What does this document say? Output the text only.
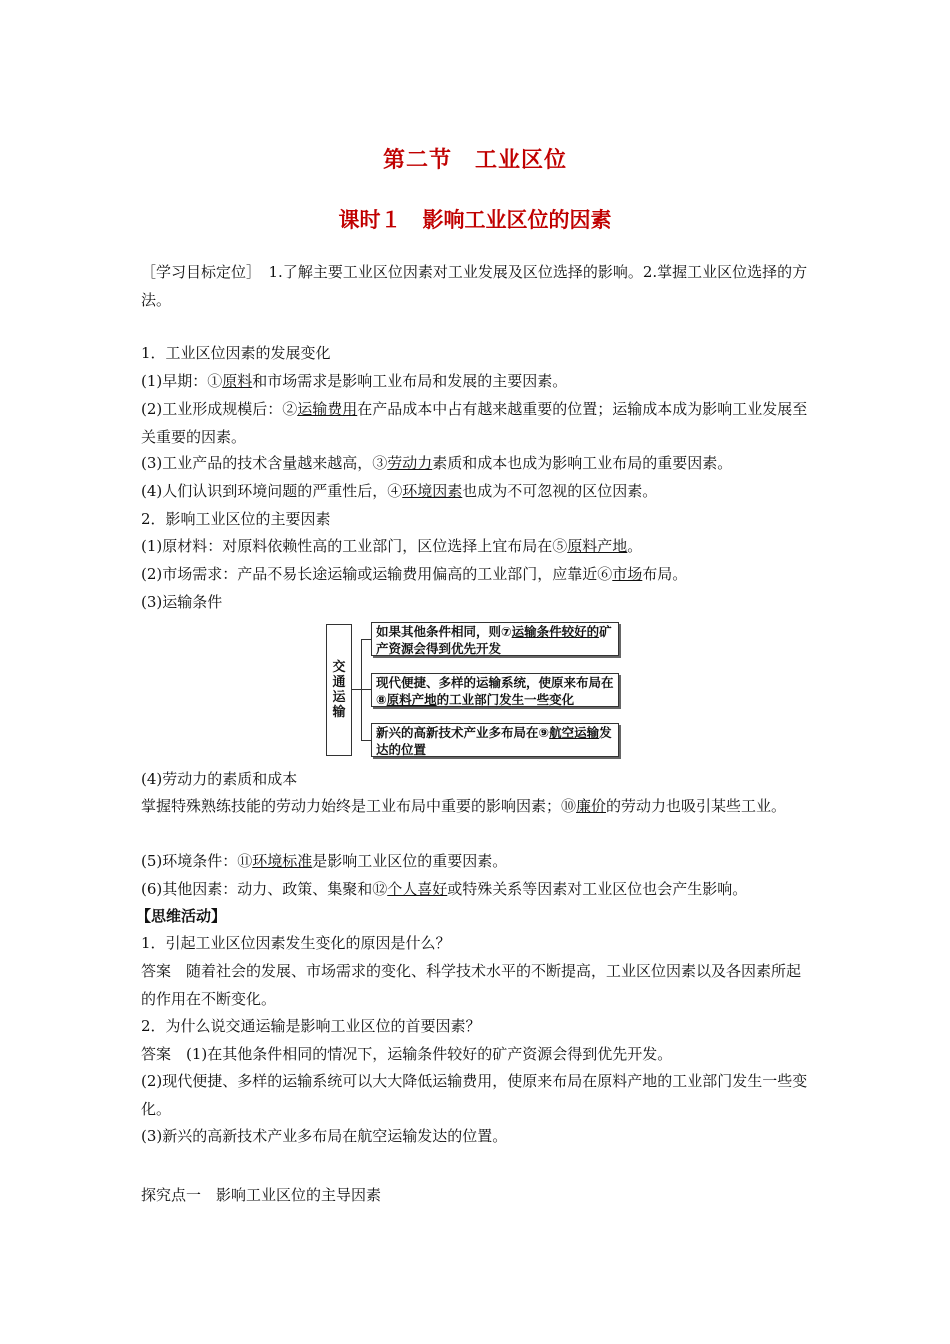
第二节　工业区位
课时１　影响工业区位的因素
［学习目标定位］　1.了解主要工业区位因素对工业发展及区位选择的影响。2.掌握工业区位选择的方法。
1．工业区位因素的发展变化
(1)早期：①原料和市场需求是影响工业布局和发展的主要因素。
(2)工业形成规模后：②运输费用在产品成本中占有越来越重要的位置；运输成本成为影响工业发展至关重要的因素。
(3)工业产品的技术含量越来越高，③劳动力素质和成本也成为影响工业布局的重要因素。
(4)人们认识到环境问题的严重性后，④环境因素也成为不可忽视的区位因素。
2．影响工业区位的主要因素
(1)原材料：对原料依赖性高的工业部门，区位选择上宜布局在⑤原料产地。
(2)市场需求：产品不易长途运输或运输费用偏高的工业部门，应靠近⑥市场布局。
(3)运输条件
交
通
运
输
如果其他条件相同，则⑦运输条件较好的矿产资源会得到优先开发
现代便捷、多样的运输系统，使原来布局在⑧原料产地的工业部门发生一些变化
新兴的高新技术产业多布局在⑨航空运输发达的位置
(4)劳动力的素质和成本
掌握特殊熟练技能的劳动力始终是工业布局中重要的影响因素；⑩廉价的劳动力也吸引某些工业。
(5)环境条件：⑪环境标准是影响工业区位的重要因素。
(6)其他因素：动力、政策、集聚和⑫个人喜好或特殊关系等因素对工业区位也会产生影响。
【思维活动】
1．引起工业区位因素发生变化的原因是什么？
答案　随着社会的发展、市场需求的变化、科学技术水平的不断提高，工业区位因素以及各因素所起的作用在不断变化。
2．为什么说交通运输是影响工业区位的首要因素？
答案　(1)在其他条件相同的情况下，运输条件较好的矿产资源会得到优先开发。
(2)现代便捷、多样的运输系统可以大大降低运输费用，使原来布局在原料产地的工业部门发生一些变化。
(3)新兴的高新技术产业多布局在航空运输发达的位置。
探究点一　影响工业区位的主导因素
